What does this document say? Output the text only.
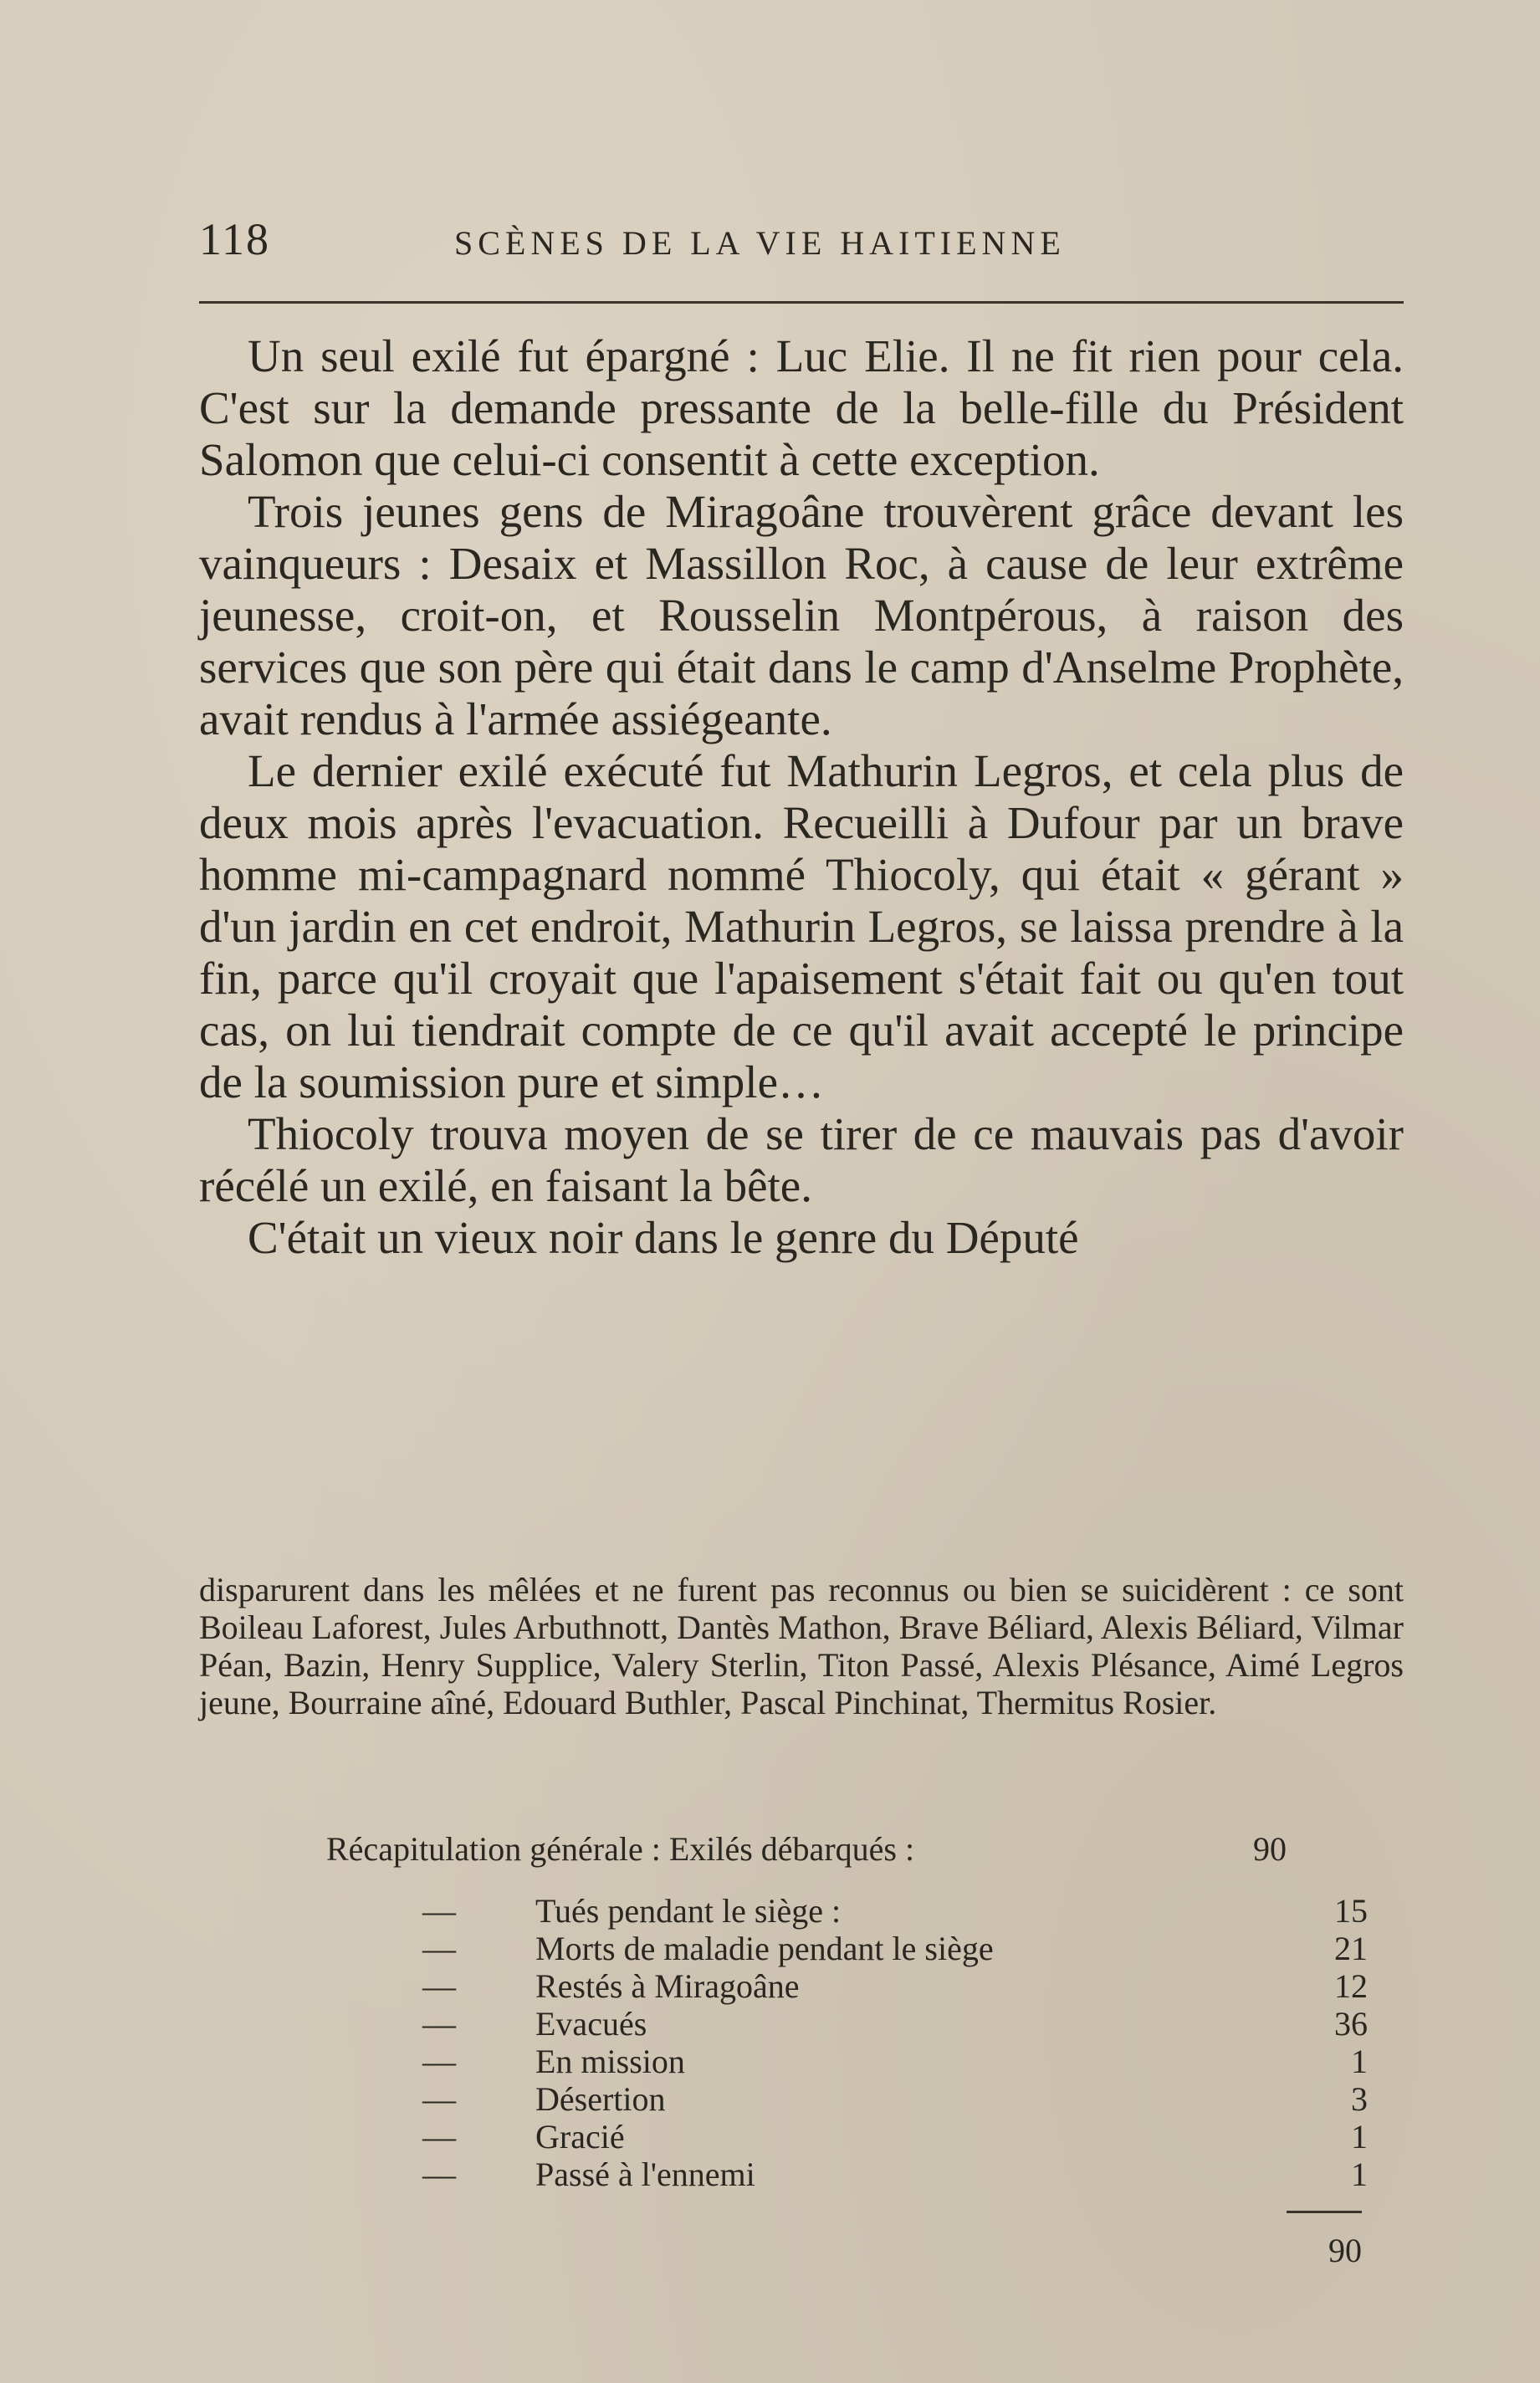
118	SCÈNES DE LA VIE HAITIENNE

Un seul exilé fut épargné : Luc Elie. Il ne fit rien pour cela. C'est sur la demande pressante de la belle-fille du Président Salomon que celui-ci consentit à cette exception.

Trois jeunes gens de Miragoâne trouvèrent grâce devant les vainqueurs : Desaix et Massillon Roc, à cause de leur extrême jeunesse, croit-on, et Rousselin Montpérous, à raison des services que son père qui était dans le camp d'Anselme Prophète, avait rendus à l'armée assiégeante.

Le dernier exilé exécuté fut Mathurin Legros, et cela plus de deux mois après l'evacuation. Recueilli à Dufour par un brave homme mi-campagnard nommé Thiocoly, qui était « gérant » d'un jardin en cet endroit, Mathurin Legros, se laissa prendre à la fin, parce qu'il croyait que l'apaisement s'était fait ou qu'en tout cas, on lui tiendrait compte de ce qu'il avait accepté le principe de la soumission pure et simple…

Thiocoly trouva moyen de se tirer de ce mauvais pas d'avoir récélé un exilé, en faisant la bête.

C'était un vieux noir dans le genre du Député

disparurent dans les mêlées et ne furent pas reconnus ou bien se suicidèrent : ce sont Boileau Laforest, Jules Arbuthnott, Dantès Mathon, Brave Béliard, Alexis Béliard, Vilmar Péan, Bazin, Henry Supplice, Valery Sterlin, Titon Passé, Alexis Plésance, Aimé Legros jeune, Bourraine aîné, Edouard Buthler, Pascal Pinchinat, Thermitus Rosier.

Récapitulation générale : Exilés débarqués :	90
— Tués pendant le siège :	15
— Morts de maladie pendant le siège	21
— Restés à Miragoâne	12
— Evacués	36
— En mission	1
— Désertion	3
— Gracié	1
— Passé à l'ennemi	1
90
